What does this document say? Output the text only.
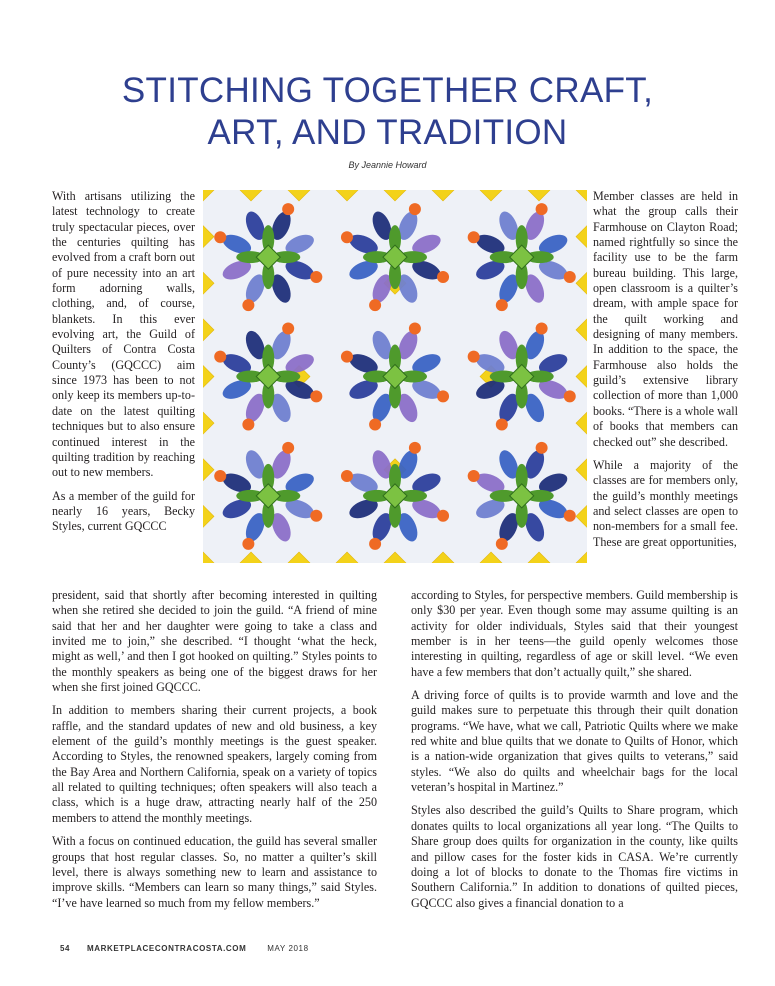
STITCHING TOGETHER CRAFT,
ART, AND TRADITION
By Jeannie Howard

With artisans utilizing the latest technology to create truly spectacular pieces, over the centuries quilting has evolved from a craft born out of pure necessity into an art form adorning walls, clothing, and, of course, blankets. In this ever evolving art, the Guild of Quilters of Contra Costa County’s (GQCCC) aim since 1973 has been to not only keep its members up-to-date on the latest quilting techniques but to also ensure continued interest in the quilting tradition by reaching out to new members.

As a member of the guild for nearly 16 years, Becky Styles, current GQCCC

president, said that shortly after becoming interested in quilting when she retired she decided to join the guild. “A friend of mine said that her and her daughter were going to take a class and invited me to join,” she described. “I thought ‘what the heck, might as well,’ and then I got hooked on quilting.” Styles points to the monthly speakers as being one of the biggest draws for her when she first joined GQCCC.

In addition to members sharing their current projects, a book raffle, and the standard updates of new and old business, a key element of the guild’s monthly meetings is the guest speaker. According to Styles, the renowned speakers, largely coming from the Bay Area and Northern California, speak on a variety of topics all related to quilting techniques; often speakers will also teach a class, which is a huge draw, attracting nearly half of the 250 members to attend the monthly meetings.

With a focus on continued education, the guild has several smaller groups that host regular classes. So, no matter a quilter’s skill level, there is always something new to learn and assistance to improve skills. “Members can learn so many things,” said Styles. “I’ve have learned so much from my fellow members.”

Member classes are held in what the group calls their Farmhouse on Clayton Road; named rightfully so since the facility use to be the farm bureau building. This large, open classroom is a quilter’s dream, with ample space for the quilt working and designing of many members. In addition to the space, the Farmhouse also holds the guild’s extensive library collection of more than 1,000 books. “There is a whole wall of books that members can checked out” she described.

While a majority of the classes are for members only, the guild’s monthly meetings and select classes are open to non-members for a small fee. These are great opportunities,

according to Styles, for perspective members. Guild membership is only $30 per year. Even though some may assume quilting is an activity for older individuals, Styles said that their youngest member is in her teens—the guild openly welcomes those interesting in quilting, regardless of age or skill level. “We even have a few members that don’t actually quilt,” she shared.

A driving force of quilts is to provide warmth and love and the guild makes sure to perpetuate this through their quilt donation programs. “We have, what we call, Patriotic Quilts where we make red white and blue quilts that we donate to Quilts of Honor, which is a nation-wide organization that gives quilts to veterans,” said styles. “We also do quilts and wheelchair bags for the local veteran’s hospital in Martinez.”

Styles also described the guild’s Quilts to Share program, which donates quilts to local organizations all year long. “The Quilts to Share group does quilts for organization in the county, like quilts and pillow cases for the foster kids in CASA. We’re currently doing a lot of blocks to donate to the Thomas fire victims in Southern California.” In addition to donations of quilted pieces, GQCCC also gives a financial donation to a

54 MARKETPLACECONTRACOSTA.COM	MAY 2018
